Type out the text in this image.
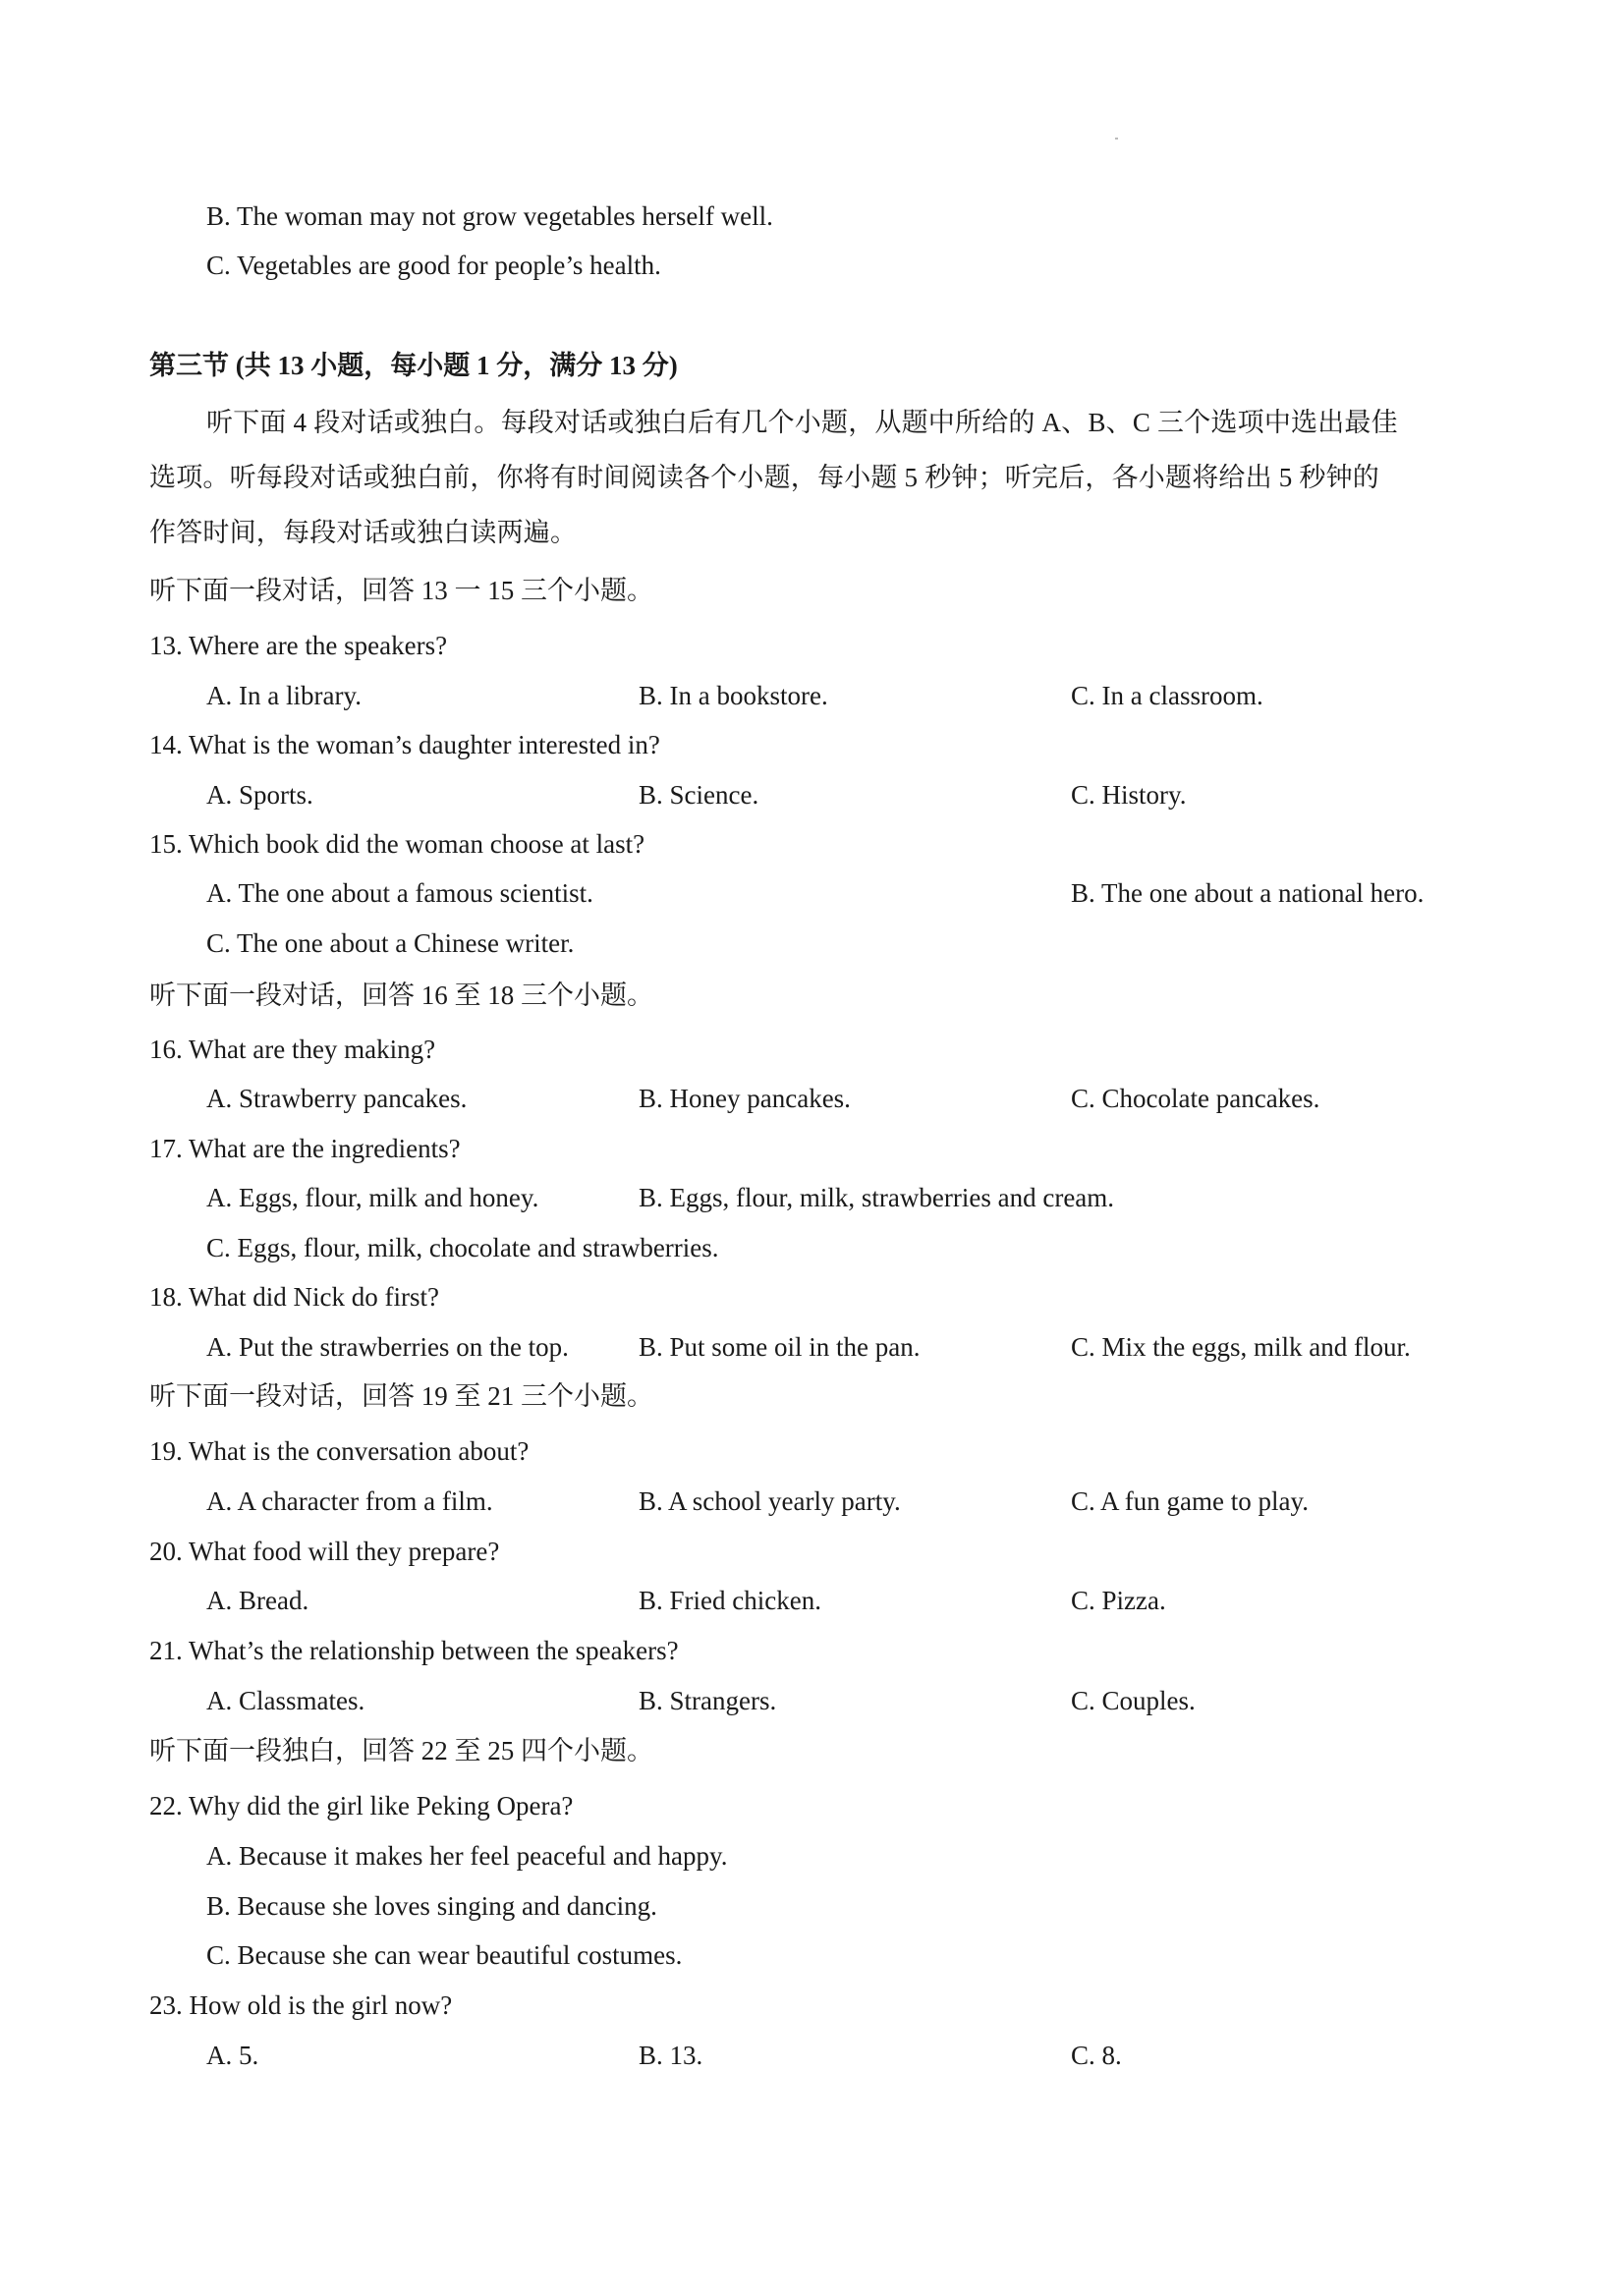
B. The woman may not grow vegetables herself well.
C. Vegetables are good for people’s health.
第三节 (共 13 小题，每小题 1 分，满分 13 分)
听下面 4 段对话或独白。每段对话或独白后有几个小题，从题中所给的 A、B、C 三个选项中选出最佳
选项。听每段对话或独白前，你将有时间阅读各个小题，每小题 5 秒钟；听完后，各小题将给出 5 秒钟的
作答时间，每段对话或独白读两遍。
听下面一段对话，回答 13 一 15 三个小题。
13. Where are the speakers?
A. In a library.	B. In a bookstore.	C. In a classroom.
14. What is the woman’s daughter interested in?
A. Sports.	B. Science.	C. History.
15. Which book did the woman choose at last?
A. The one about a famous scientist.	B. The one about a national hero.
C. The one about a Chinese writer.
听下面一段对话，回答 16 至 18 三个小题。
16. What are they making?
A. Strawberry pancakes.	B. Honey pancakes.	C. Chocolate pancakes.
17. What are the ingredients?
A. Eggs, flour, milk and honey.	B. Eggs, flour, milk, strawberries and cream.
C. Eggs, flour, milk, chocolate and strawberries.
18. What did Nick do first?
A. Put the strawberries on the top.	B. Put some oil in the pan.	C. Mix the eggs, milk and flour.
听下面一段对话，回答 19 至 21 三个小题。
19. What is the conversation about?
A. A character from a film.	B. A school yearly party.	C. A fun game to play.
20. What food will they prepare?
A. Bread.	B. Fried chicken.	C. Pizza.
21. What’s the relationship between the speakers?
A. Classmates.	B. Strangers.	C. Couples.
听下面一段独白，回答 22 至 25 四个小题。
22. Why did the girl like Peking Opera?
A. Because it makes her feel peaceful and happy.
B. Because she loves singing and dancing.
C. Because she can wear beautiful costumes.
23. How old is the girl now?
A. 5.	B. 13.	C. 8.
